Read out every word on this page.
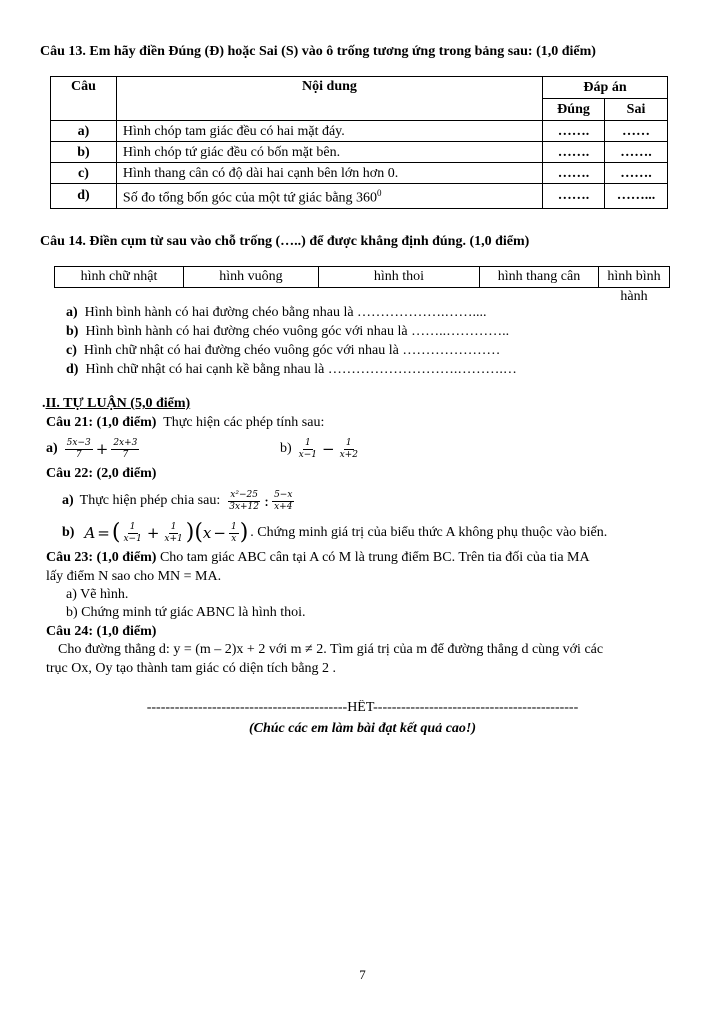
Câu 13. Em hãy điền Đúng (Đ) hoặc Sai (S) vào ô trống tương ứng trong bảng sau: (1,0 điểm)
Câu	Nội dung	Đáp án	
		Đúng	Sai
a)	Hình chóp tam giác đều có hai mặt đáy.	…….	……
b)	Hình chóp tứ giác đều có bốn mặt bên.	…….	…….
c)	Hình thang cân có độ dài hai cạnh bên lớn hơn 0.	…….	…….
d)	Số đo tổng bốn góc của một tứ giác bằng $360^0$	…….	……...
Câu 14. Điền cụm từ sau vào chỗ trống (…..) để được khẳng định đúng. (1,0 điểm)
hình chữ nhật	hình vuông	hình thoi	hình thang cân	hình bình hành
a) Hình bình hành có hai đường chéo bằng nhau là ……………….……....
b) Hình bình hành có hai đường chéo vuông góc với nhau là ……..…………..
c) Hình chữ nhật có hai đường chéo vuông góc với nhau là …………………
d) Hình chữ nhật có hai cạnh kề bằng nhau là ……………………….……….…
.II. TỰ LUẬN (5,0 điểm)
Câu 21: (1,0 điểm) Thực hiện các phép tính sau:
$a) \frac{5x-3}{7} + \frac{2x+3}{7}$	$b) \frac{1}{x-1} - \frac{1}{x+2}$
Câu 22: (2,0 điểm)
a) Thực hiện phép chia sau: $\frac{\text{x²−25}}{3x+12}$ : $\frac{5-x}{x+4}$
b) A = ( $\frac{1}{x-1} + \frac{1}{x+1}$ ) ( $x - \frac{1}{x}$ ) . Chứng minh giá trị của biểu thức A không phụ thuộc vào biến.
Câu 23: (1,0 điểm) Cho tam giác ABC cân tại A có M là trung điểm BC. Trên tia đối của tia MA
lấy điểm N sao cho MN = MA.
a) Vẽ hình.
b) Chứng minh tứ giác ABNC là hình thoi.
Câu 24: (1,0 điểm)
Cho đường thẳng d: y = (m – 2)x + 2 với m ≠ 2. Tìm giá trị của m để đường thẳng d cùng với các
trục Ox, Oy tạo thành tam giác có diện tích bằng 2 .
-------------------------------------------HẾT--------------------------------------------
(Chúc các em làm bài đạt kết quả cao!)
7
